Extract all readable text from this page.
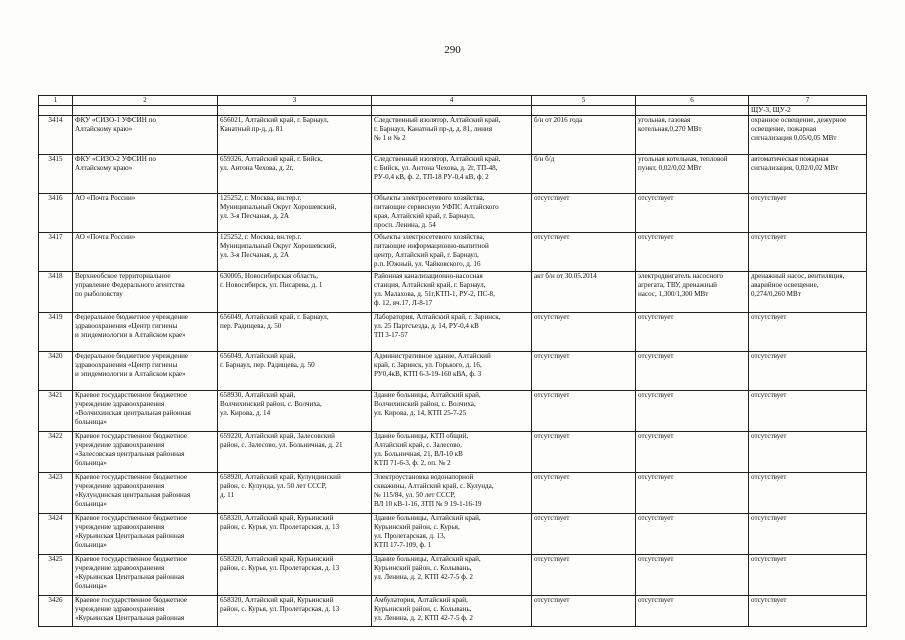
290
1	2	3	4	5	6	7
						ЩУ-3, ЩУ-2
3414	ФКУ «СИЗО-1 УФСИН по
Алтайскому краю»	656021, Алтайский край, г. Барнаул,
Канатный пр-д, д. 81	Следственный изолятор, Алтайский край,
г. Барнаул, Канатный пр-д, д. 81, линия
№ 1 и № 2	б/н от 2016 года	угольная, газовая
котельная,0,270 МВт	охранное освещение, дежурное
освещение, пожарная
сигнализация 0,05/0,05 МВт

3415	ФКУ «СИЗО-2 УФСИН по
Алтайскому краю»	659326, Алтайский край, г. Бийск,
ул. Антона Чехова, д. 2г,	Следственный изолятор, Алтайский край,
г. Бийск, ул. Антона Чехова, д. 2г, ТП-48,
РУ-0,4 кВ, ф. 2, ТП-18 РУ-0,4 кВ, ф. 2	б/н б/д	угольная котельная, тепловой
пункт, 0,02/0,02 МВт	автоматическая пожарная
сигнализация, 0,02/0,02 МВт

3416	АО «Почта России»	125252, г. Москва, вн.тер.г.
Муниципальный Округ Хорошевский,
ул. 3-я Песчаная, д. 2А	Объекты электросетевого хозяйства,
питающие сервисную УФПС Алтайского
края, Алтайский край, г. Барнаул,
просп. Ленина, д. 54	отсутствует	отсутствует	отсутствует

3417	АО «Почта России»	125252, г. Москва, вн.тер.г.
Муниципальный Округ Хорошевский,
ул. 3-я Песчаная, д. 2А	Объекты электросетевого хозяйства,
питающие информационно-выпитной
центр, Алтайский край, г. Барнаул,
р.п. Южный, ул. Чайковского, д. 16	отсутствует	отсутствует	отсутствует

3418	Верхнеобское территориальное
управление Федерального агентства
по рыболовству	630005, Новосибирская область,
г. Новосибирск, ул. Писарева, д. 1	Районная канализационно-насосная
станция, Алтайский край, г. Барнаул,
ул. Малахова, д. 51г,КТП-1, РУ-2, ПС-8,
ф. 12, яч.17, Л-8-17	акт б/н от 30.05.2014	электродвигатель насосного
агрегата, ТВУ, дренажный
насос, 1,300/1,300 МВт	дренажный насос, вентиляция,
аварийное освещение,
0,274/0,260 МВт

3419	Федеральное бюджетное учреждение
здравоохранения «Центр гигиены
и эпидемиологии в Алтайском крае»	656049, Алтайский край, г. Барнаул,
пер. Радищева, д. 50	Лаборатория, Алтайский край, г. Заринск,
ул. 25 Партсъезда, д. 14, РУ-0,4 кВ
ТП 3-17-57	отсутствует	отсутствует	отсутствует

3420	Федеральное бюджетное учреждение
здравоохранения «Центр гигиены
и эпидемиологии в Алтайском крае»	656049, Алтайский край,
г. Барнаул, пер. Радищева, д. 50	Административное здание, Алтайский
край, г. Заринск, ул. Горького, д. 16,
РУ0,4кВ, КТП 6-3-19-160 кВА, ф. 3	отсутствует	отсутствует	отсутствует

3421	Краевое государственное бюджетное
учреждение здравоохранения
«Волчихинская центральная районная
больница»	658930, Алтайский край,
Волчихинский район, с. Волчиха,
ул. Кирова, д. 14	Здание больницы, Алтайский край,
Волчихинский район, с. Волчиха,
ул. Кирова, д. 14, КТП 25-7-25	отсутствует	отсутствует	отсутствует

3422	Краевое государственное бюджетное
учреждение здравоохранения
«Залесовская центральная районная
больница»	659220, Алтайский край, Залесовский
район, с. Залесово, ул. Больничная, д. 21	Здание больницы, КТП общий,
Алтайский край, с. Залесово,
ул. Больничная, 21, ВЛ-10 кВ
КТП 71-6-3, ф. 2, оп. № 2	отсутствует	отсутствует	отсутствует

3423	Краевое государственное бюджетное
учреждение здравоохранения
«Кулундинская центральная районная
больница»	658920, Алтайский край, Кулундинский
район, с. Кулунда, ул. 50 лет СССР,
д. 11	Электроустановка водонапорной
скважины, Алтайский край, с. Кулунда,
№ 115/84, ул. 50 лет СССР,
ВЛ 10 кВ-1-16, ЗТП № 9 19-1-16-19	отсутствует	отсутствует	отсутствует

3424	Краевое государственное бюджетное
учреждение здравоохранения
«Курьинская Центральная районная
больница»	658320, Алтайский край, Курьинский
район, с. Курья, ул. Пролетарская, д. 13	Здание больницы, Алтайский край,
Курьинский район, с. Курья,
ул. Пролетарская, д. 13,
КТП 17-7-109, ф. 1	отсутствует	отсутствует	отсутствует

3425	Краевое государственное бюджетное
учреждение здравоохранения
«Курьинская Центральная районная
больница»	658320, Алтайский край, Курьинский
район, с. Курья, ул. Пролетарская, д. 13	Здание больницы, Алтайский край,
Курьинский район, с. Колывань,
ул. Ленина, д. 2, КТП 42-7-5 ф. 2	отсутствует	отсутствует	отсутствует

3426	Краевое государственное бюджетное
учреждение здравоохранения
«Курьинская Центральная районная	658320, Алтайский край, Курьинский
район, с. Курья, ул. Пролетарская, д. 13	Амбулатория, Алтайский край,
Курьинский район, с. Колывань,
ул. Ленина, д. 2, КТП 42-7-5 ф. 2	отсутствует	отсутствует	отсутствует
